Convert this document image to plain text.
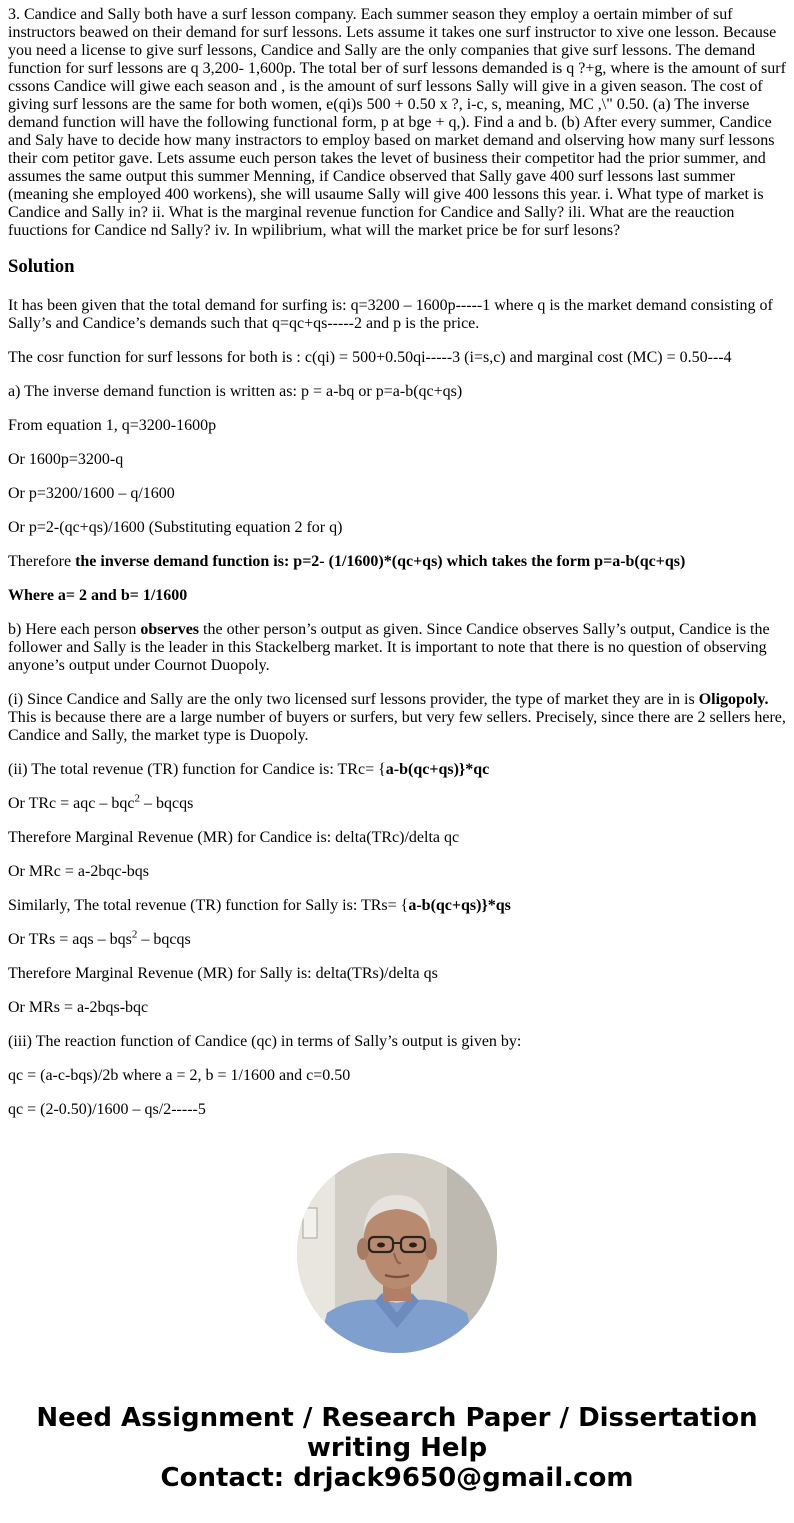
3. Candice and Sally both have a surf lesson company. Each summer season they employ a oertain mimber of suf instructors beawed on their demand for surf lessons. Lets assume it takes one surf instructor to xive one lesson. Because you need a license to give surf lessons, Candice and Sally are the only companies that give surf lessons. The demand function for surf lessons are q 3,200- 1,600p. The total ber of surf lessons demanded is q ?+g, where is the amount of surf cssons Candice will giwe each season and , is the amount of surf lessons Sally will give in a given season. The cost of giving surf lessons are the same for both women, e(qi)s 500 + 0.50 x ?, i-c, s, meaning, MC ,\" 0.50. (a) The inverse demand function will have the following functional form, p at bge + q,). Find a and b. (b) After every summer, Candice and Saly have to decide how many instractors to employ based on market demand and olserving how many surf lessons their com petitor gave. Lets assume euch person takes the levet of business their competitor had the prior summer, and assumes the same output this summer Menning, if Candice observed that Sally gave 400 surf lessons last summer (meaning she employed 400 workens), she will usaume Sally will give 400 lessons this year. i. What type of market is Candice and Sally in? ii. What is the marginal revenue function for Candice and Sally? ili. What are the reauction fuuctions for Candice nd Sally? iv. In wpilibrium, what will the market price be for surf lesons?

Solution

It has been given that the total demand for surfing is: q=3200 – 1600p-----1 where q is the market demand consisting of Sally’s and Candice’s demands such that q=qc+qs-----2 and p is the price.

The cosr function for surf lessons for both is : c(qi) = 500+0.50qi-----3 (i=s,c) and marginal cost (MC) = 0.50---4

a) The inverse demand function is written as: p = a-bq or p=a-b(qc+qs)

From equation 1, q=3200-1600p

Or 1600p=3200-q

Or p=3200/1600 – q/1600

Or p=2-(qc+qs)/1600 (Substituting equation 2 for q)

Therefore the inverse demand function is: p=2- (1/1600)*(qc+qs) which takes the form p=a-b(qc+qs)

Where a= 2 and b= 1/1600

b) Here each person observes the other person’s output as given. Since Candice observes Sally’s output, Candice is the follower and Sally is the leader in this Stackelberg market. It is important to note that there is no question of observing anyone’s output under Cournot Duopoly.

(i) Since Candice and Sally are the only two licensed surf lessons provider, the type of market they are in is Oligopoly. This is because there are a large number of buyers or surfers, but very few sellers. Precisely, since there are 2 sellers here, Candice and Sally, the market type is Duopoly.

(ii) The total revenue (TR) function for Candice is: TRc= {a-b(qc+qs)}*qc

Or TRc = aqc – bqc$^2$ – bqcqs

Therefore Marginal Revenue (MR) for Candice is: delta(TRc)/delta qc

Or MRc = a-2bqc-bqs

Similarly, The total revenue (TR) function for Sally is: TRs= {a-b(qc+qs)}*qs

Or TRs = aqs – bqs$^2$ – bqcqs

Therefore Marginal Revenue (MR) for Sally is: delta(TRs)/delta qs

Or MRs = a-2bqs-bqc

(iii) The reaction function of Candice (qc) in terms of Sally’s output is given by:

qc = (a-c-bqs)/2b where a = 2, b = 1/1600 and c=0.50

qc = (2-0.50)/1600 – qs/2-----5

Need Assignment / Research Paper / Dissertation
writing Help
Contact: drjack9650@gmail.com
